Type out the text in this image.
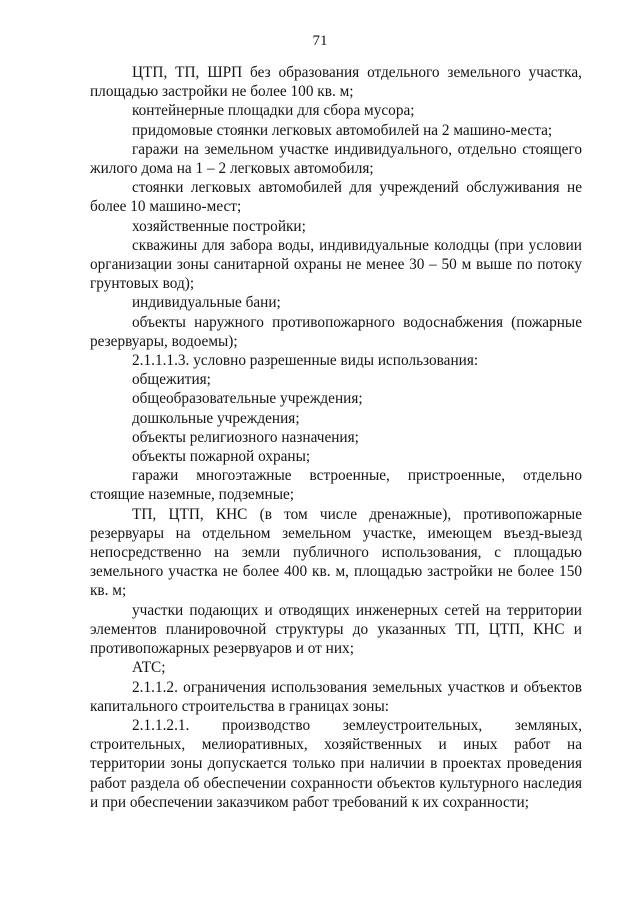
71

ЦТП, ТП, ШРП без образования отдельного земельного участка, площадью застройки не более 100 кв. м;

контейнерные площадки для сбора мусора;

придомовые стоянки легковых автомобилей на 2 машино-места;

гаражи на земельном участке индивидуального, отдельно стоящего жилого дома на 1 – 2 легковых автомобиля;

стоянки легковых автомобилей для учреждений обслуживания не более 10 машино-мест;

хозяйственные постройки;

скважины для забора воды, индивидуальные колодцы (при условии организации зоны санитарной охраны не менее 30 – 50 м выше по потоку грунтовых вод);

индивидуальные бани;

объекты наружного противопожарного водоснабжения (пожарные резервуары, водоемы);

2.1.1.1.3. условно разрешенные виды использования:

общежития;

общеобразовательные учреждения;

дошкольные учреждения;

объекты религиозного назначения;

объекты пожарной охраны;

гаражи многоэтажные встроенные, пристроенные, отдельно стоящие наземные, подземные;

ТП, ЦТП, КНС (в том числе дренажные), противопожарные резервуары на отдельном земельном участке, имеющем въезд-выезд непосредственно на земли публичного использования, с площадью земельного участка не более 400 кв. м, площадью застройки не более 150 кв. м;

участки подающих и отводящих инженерных сетей на территории элементов планировочной структуры до указанных ТП, ЦТП, КНС и противопожарных резервуаров и от них;

АТС;

2.1.1.2. ограничения использования земельных участков и объектов капитального строительства в границах зоны:

2.1.1.2.1. производство землеустроительных, земляных, строительных, мелиоративных, хозяйственных и иных работ на территории зоны допускается только при наличии в проектах проведения работ раздела об обеспечении сохранности объектов культурного наследия и при обеспечении заказчиком работ требований к их сохранности;
